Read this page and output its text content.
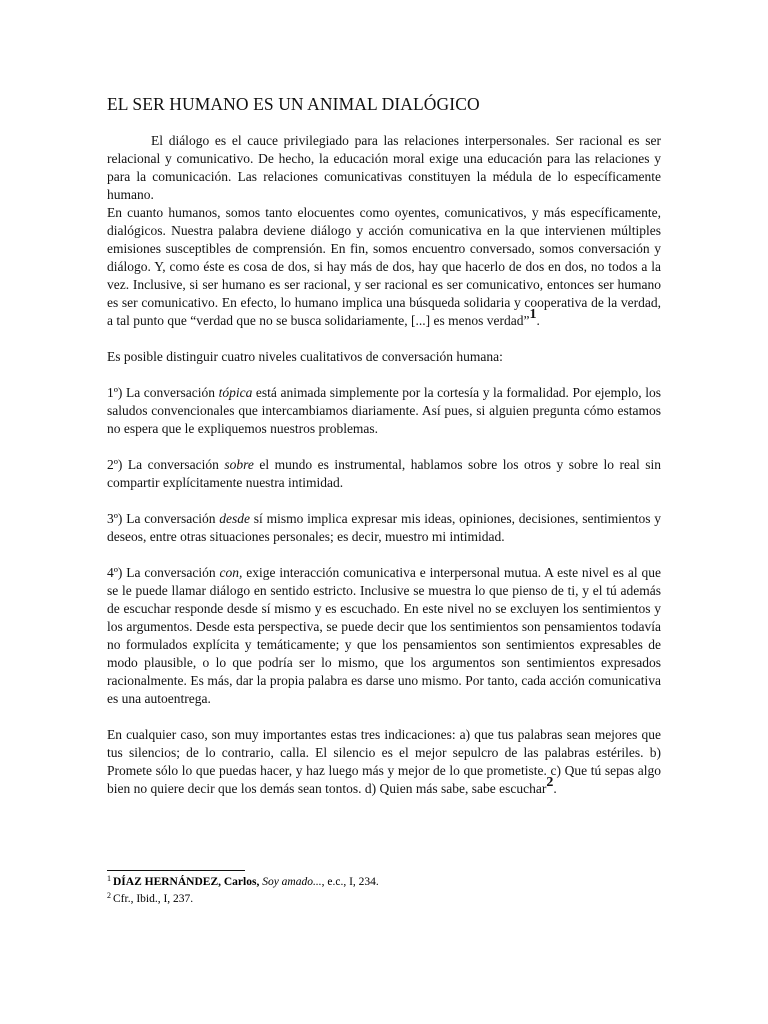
EL SER HUMANO ES UN ANIMAL DIALÓGICO

El diálogo es el cauce privilegiado para las relaciones interpersonales. Ser racional es ser relacional y comunicativo. De hecho, la educación moral exige una educación para las relaciones y para la comunicación. Las relaciones comunicativas constituyen la médula de lo específicamente humano.

En cuanto humanos, somos tanto elocuentes como oyentes, comunicativos, y más específicamente, dialógicos. Nuestra palabra deviene diálogo y acción comunicativa en la que intervienen múltiples emisiones susceptibles de comprensión. En fin, somos encuentro conversado, somos conversación y diálogo. Y, como éste es cosa de dos, si hay más de dos, hay que hacerlo de dos en dos, no todos a la vez. Inclusive, si ser humano es ser racional, y ser racional es ser comunicativo, entonces ser humano es ser comunicativo. En efecto, lo humano implica una búsqueda solidaria y cooperativa de la verdad, a tal punto que “verdad que no se busca solidariamente, [...] es menos verdad”1.

Es posible distinguir cuatro niveles cualitativos de conversación humana:

1º) La conversación tópica está animada simplemente por la cortesía y la formalidad. Por ejemplo, los saludos convencionales que intercambiamos diariamente. Así pues, si alguien pregunta cómo estamos no espera que le expliquemos nuestros problemas.

2º) La conversación sobre el mundo es instrumental, hablamos sobre los otros y sobre lo real sin compartir explícitamente nuestra intimidad.

3º) La conversación desde sí mismo implica expresar mis ideas, opiniones, decisiones, sentimientos y deseos, entre otras situaciones personales; es decir, muestro mi intimidad.

4º) La conversación con, exige interacción comunicativa e interpersonal mutua. A este nivel es al que se le puede llamar diálogo en sentido estricto. Inclusive se muestra lo que pienso de ti, y el tú además de escuchar responde desde sí mismo y es escuchado. En este nivel no se excluyen los sentimientos y los argumentos. Desde esta perspectiva, se puede decir que los sentimientos son pensamientos todavía no formulados explícita y temáticamente; y que los pensamientos son sentimientos expresables de modo plausible, o lo que podría ser lo mismo, que los argumentos son sentimientos expresados racionalmente. Es más, dar la propia palabra es darse uno mismo. Por tanto, cada acción comunicativa es una autoentrega.

En cualquier caso, son muy importantes estas tres indicaciones: a) que tus palabras sean mejores que tus silencios; de lo contrario, calla. El silencio es el mejor sepulcro de las palabras estériles. b) Promete sólo lo que puedas hacer, y haz luego más y mejor de lo que prometiste. c) Que tú sepas algo bien no quiere decir que los demás sean tontos. d) Quien más sabe, sabe escuchar2.

$^1$ DÍAZ HERNÁNDEZ, Carlos, Soy amado..., e.c., I, 234.
$^2$ Cfr., Ibid., I, 237.
